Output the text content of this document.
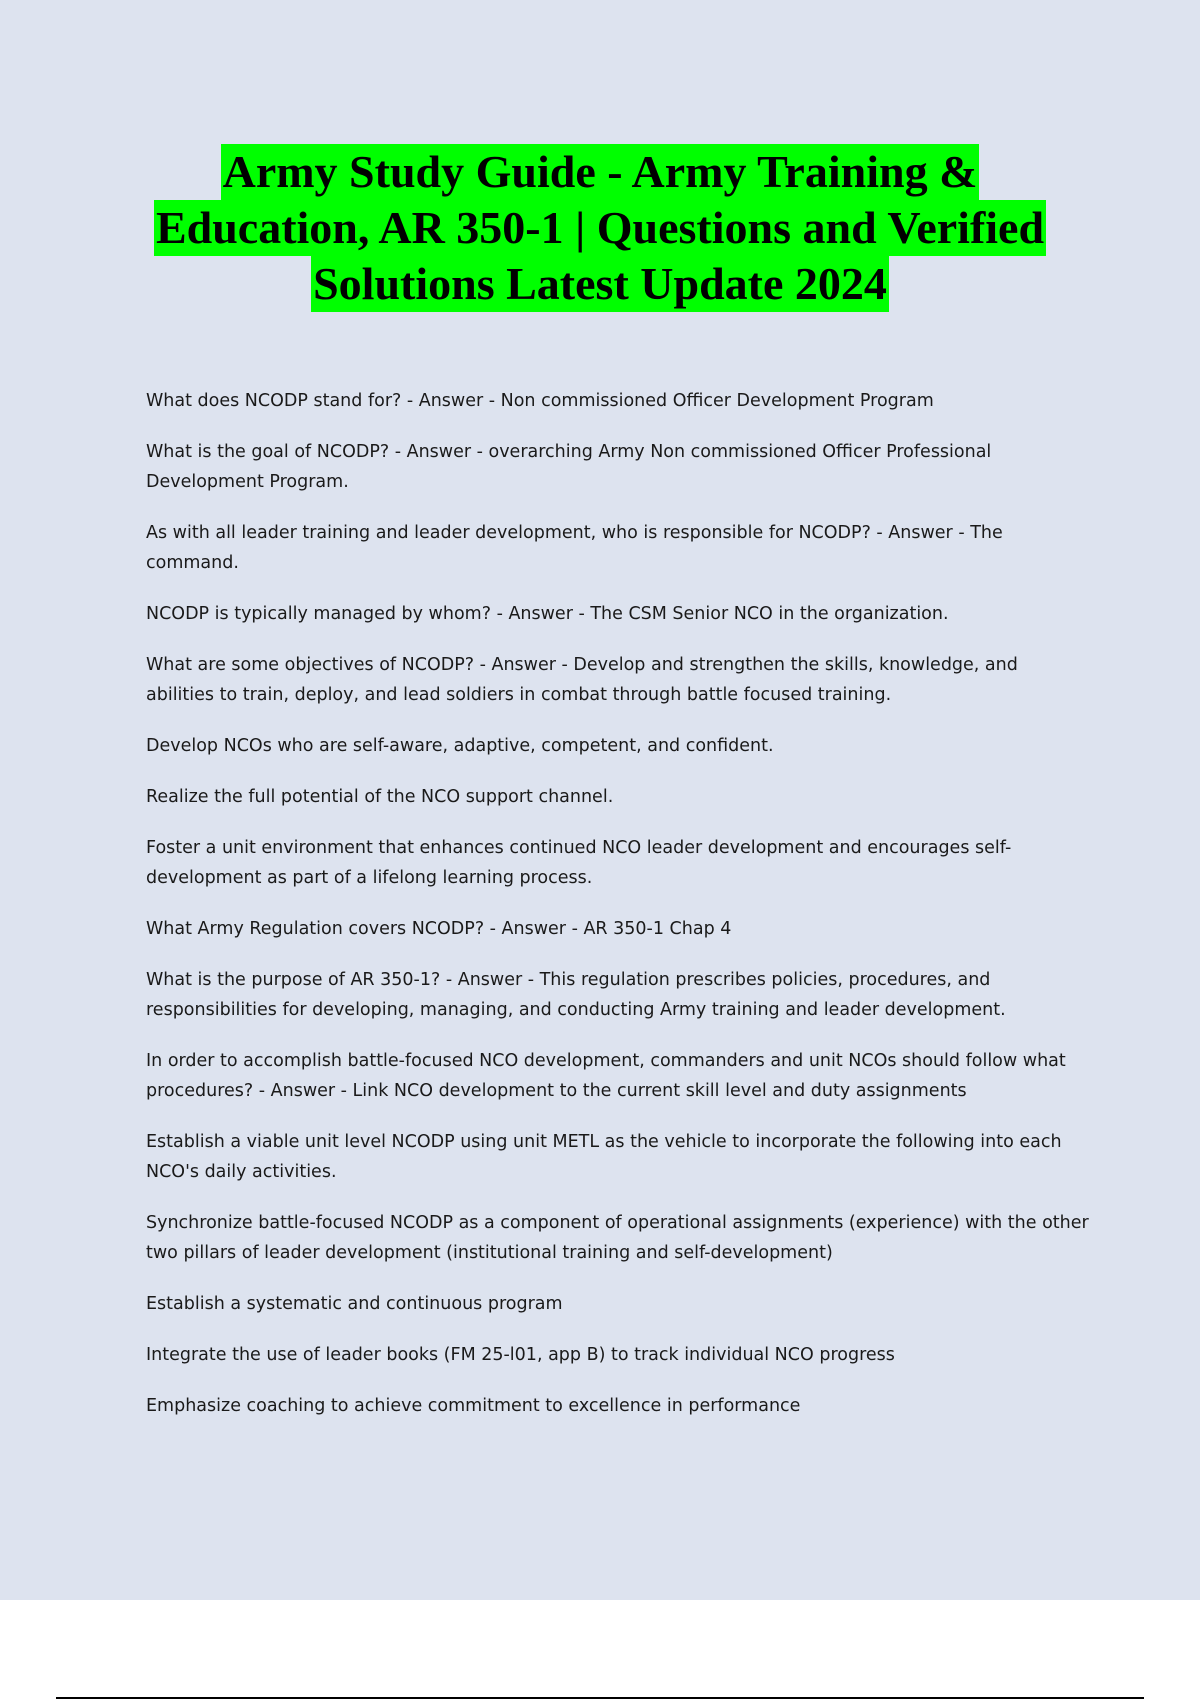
Army Study Guide - Army Training &
Education, AR 350-1 | Questions and Verified
Solutions Latest Update 2024

What does NCODP stand for? - Answer - Non commissioned Officer Development Program

What is the goal of NCODP? - Answer - overarching Army Non commissioned Officer Professional Development Program.

As with all leader training and leader development, who is responsible for NCODP? - Answer - The command.

NCODP is typically managed by whom? - Answer - The CSM Senior NCO in the organization.

What are some objectives of NCODP? - Answer - Develop and strengthen the skills, knowledge, and abilities to train, deploy, and lead soldiers in combat through battle focused training.

Develop NCOs who are self-aware, adaptive, competent, and confident.

Realize the full potential of the NCO support channel.

Foster a unit environment that enhances continued NCO leader development and encourages self-development as part of a lifelong learning process.

What Army Regulation covers NCODP? - Answer - AR 350-1 Chap 4

What is the purpose of AR 350-1? - Answer - This regulation prescribes policies, procedures, and responsibilities for developing, managing, and conducting Army training and leader development.

In order to accomplish battle-focused NCO development, commanders and unit NCOs should follow what procedures? - Answer - Link NCO development to the current skill level and duty assignments

Establish a viable unit level NCODP using unit METL as the vehicle to incorporate the following into each NCO's daily activities.

Synchronize battle-focused NCODP as a component of operational assignments (experience) with the other two pillars of leader development (institutional training and self-development)

Establish a systematic and continuous program

Integrate the use of leader books (FM 25-l01, app B) to track individual NCO progress

Emphasize coaching to achieve commitment to excellence in performance
